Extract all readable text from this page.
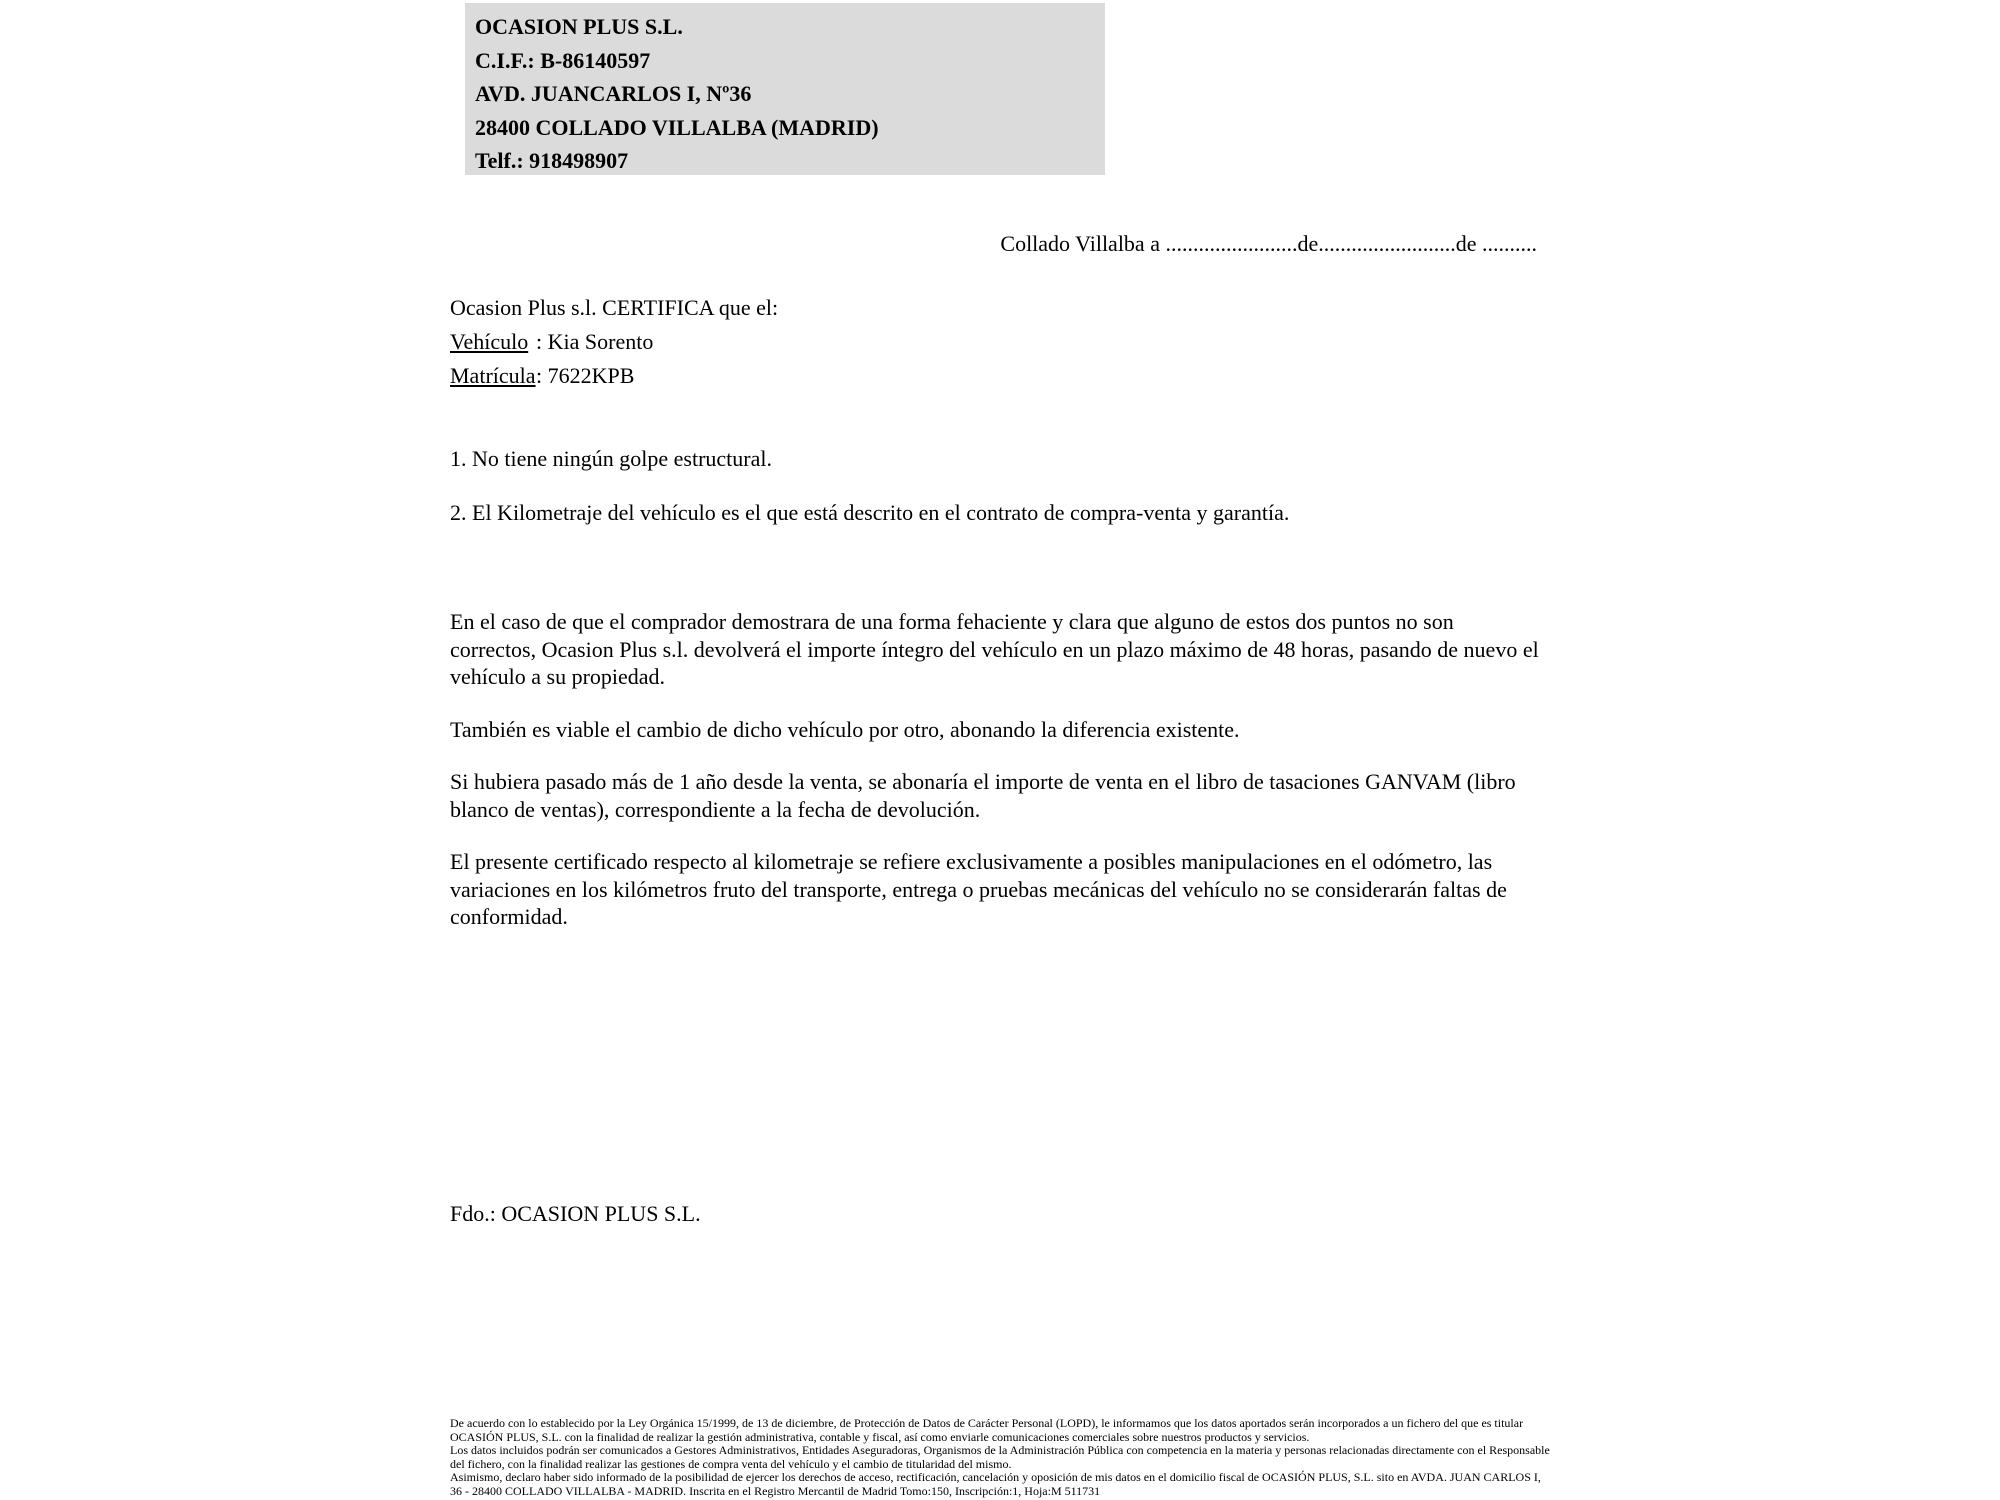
OCASION PLUS S.L.
C.I.F.: B-86140597
AVD. JUANCARLOS I, Nº36
28400 COLLADO VILLALBA (MADRID)
Telf.: 918498907
Collado Villalba a ........................de.........................de ..........
Ocasion Plus s.l. CERTIFICA que el:
Vehículo : Kia Sorento
Matrícula: 7622KPB
1. No tiene ningún golpe estructural.
2. El Kilometraje del vehículo es el que está descrito en el contrato de compra-venta y garantía.

En el caso de que el comprador demostrara de una forma fehaciente y clara que alguno de estos dos puntos no son correctos, Ocasion Plus s.l. devolverá el importe íntegro del vehículo en un plazo máximo de 48 horas, pasando de nuevo el vehículo a su propiedad.

También es viable el cambio de dicho vehículo por otro, abonando la diferencia existente.

Si hubiera pasado más de 1 año desde la venta, se abonaría el importe de venta en el libro de tasaciones GANVAM (libro blanco de ventas), correspondiente a la fecha de devolución.

El presente certificado respecto al kilometraje se refiere exclusivamente a posibles manipulaciones en el odómetro, las variaciones en los kilómetros fruto del transporte, entrega o pruebas mecánicas del vehículo no se considerarán faltas de conformidad.

Fdo.: OCASION PLUS S.L.

De acuerdo con lo establecido por la Ley Orgánica 15/1999, de 13 de diciembre, de Protección de Datos de Carácter Personal (LOPD), le informamos que los datos aportados serán incorporados a un fichero del que es titular OCASIÓN PLUS, S.L. con la finalidad de realizar la gestión administrativa, contable y fiscal, así como enviarle comunicaciones comerciales sobre nuestros productos y servicios.

Los datos incluidos podrán ser comunicados a Gestores Administrativos, Entidades Aseguradoras, Organismos de la Administración Pública con competencia en la materia y personas relacionadas directamente con el Responsable del fichero, con la finalidad realizar las gestiones de compra venta del vehículo y el cambio de titularidad del mismo.

Asimismo, declaro haber sido informado de la posibilidad de ejercer los derechos de acceso, rectificación, cancelación y oposición de mis datos en el domicilio fiscal de OCASIÓN PLUS, S.L. sito en AVDA. JUAN CARLOS I, 36 - 28400 COLLADO VILLALBA - MADRID. Inscrita en el Registro Mercantil de Madrid Tomo:150, Inscripción:1, Hoja:M 511731
